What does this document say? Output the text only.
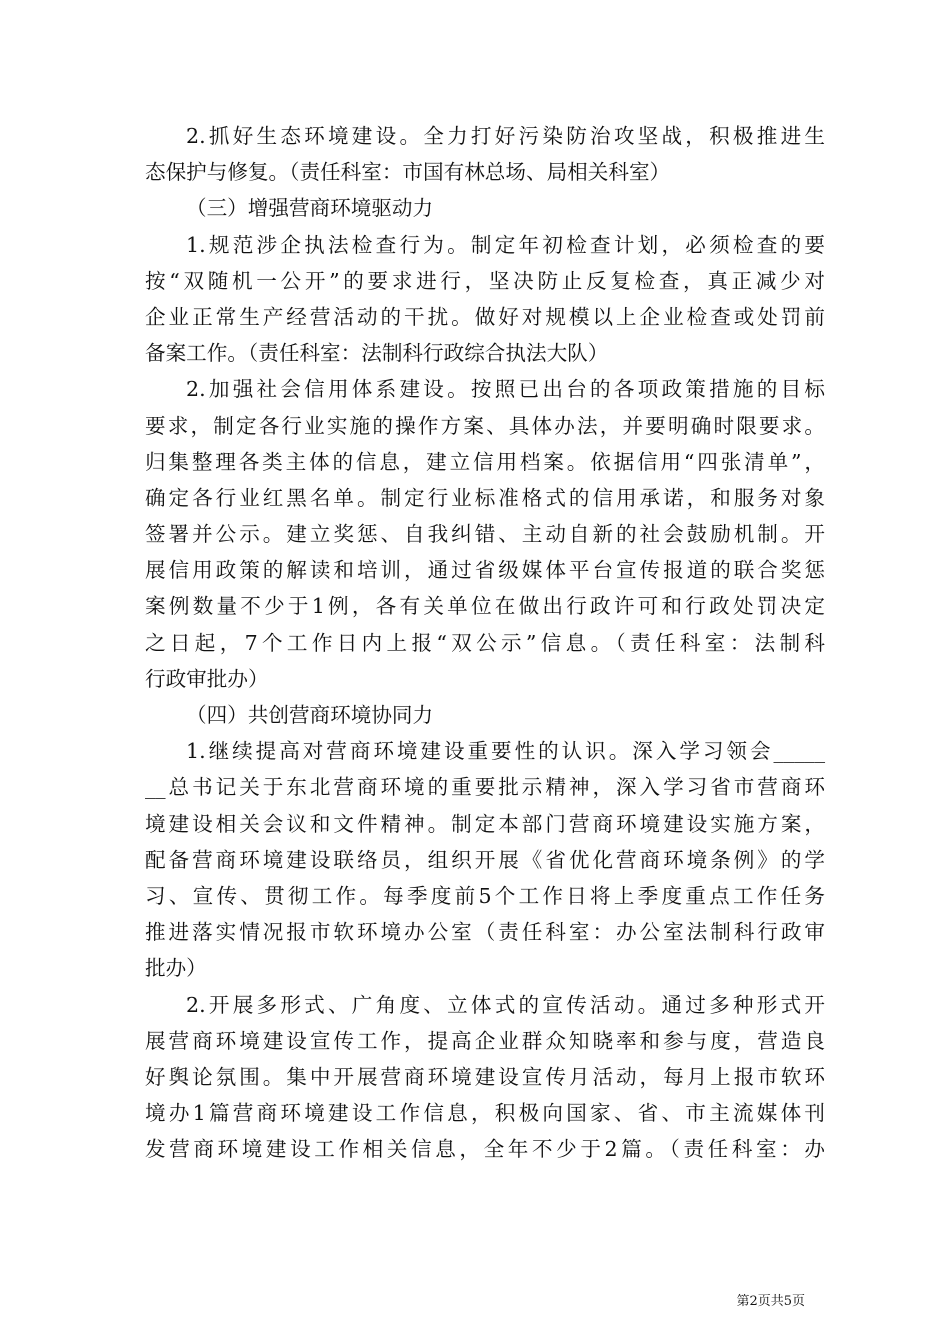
2.抓好生态环境建设。全力打好污染防治攻坚战，积极推进生
态保护与修复。（责任科室：市国有林总场、局相关科室）
（三）增强营商环境驱动力
1.规范涉企执法检查行为。制定年初检查计划，必须检查的要
按“双随机一公开”的要求进行，坚决防止反复检查，真正减少对
企业正常生产经营活动的干扰。做好对规模以上企业检查或处罚前
备案工作。（责任科室：法制科行政综合执法大队）
2.加强社会信用体系建设。按照已出台的各项政策措施的目标
要求，制定各行业实施的操作方案、具体办法，并要明确时限要求。
归集整理各类主体的信息，建立信用档案。依据信用“四张清单”，
确定各行业红黑名单。制定行业标准格式的信用承诺，和服务对象
签署并公示。建立奖惩、自我纠错、主动自新的社会鼓励机制。开
展信用政策的解读和培训，通过省级媒体平台宣传报道的联合奖惩
案例数量不少于1例，各有关单位在做出行政许可和行政处罚决定
之日起，7个工作日内上报“双公示”信息。（责任科室：法制科
行政审批办）
（四）共创营商环境协同力
1.继续提高对营商环境建设重要性的认识。深入学习领会_____
__总书记关于东北营商环境的重要批示精神，深入学习省市营商环
境建设相关会议和文件精神。制定本部门营商环境建设实施方案，
配备营商环境建设联络员，组织开展《省优化营商环境条例》的学
习、宣传、贯彻工作。每季度前5个工作日将上季度重点工作任务
推进落实情况报市软环境办公室（责任科室：办公室法制科行政审
批办）
2.开展多形式、广角度、立体式的宣传活动。通过多种形式开
展营商环境建设宣传工作，提高企业群众知晓率和参与度，营造良
好舆论氛围。集中开展营商环境建设宣传月活动，每月上报市软环
境办1篇营商环境建设工作信息，积极向国家、省、市主流媒体刊
发营商环境建设工作相关信息，全年不少于2篇。（责任科室：办
第2页共5页
